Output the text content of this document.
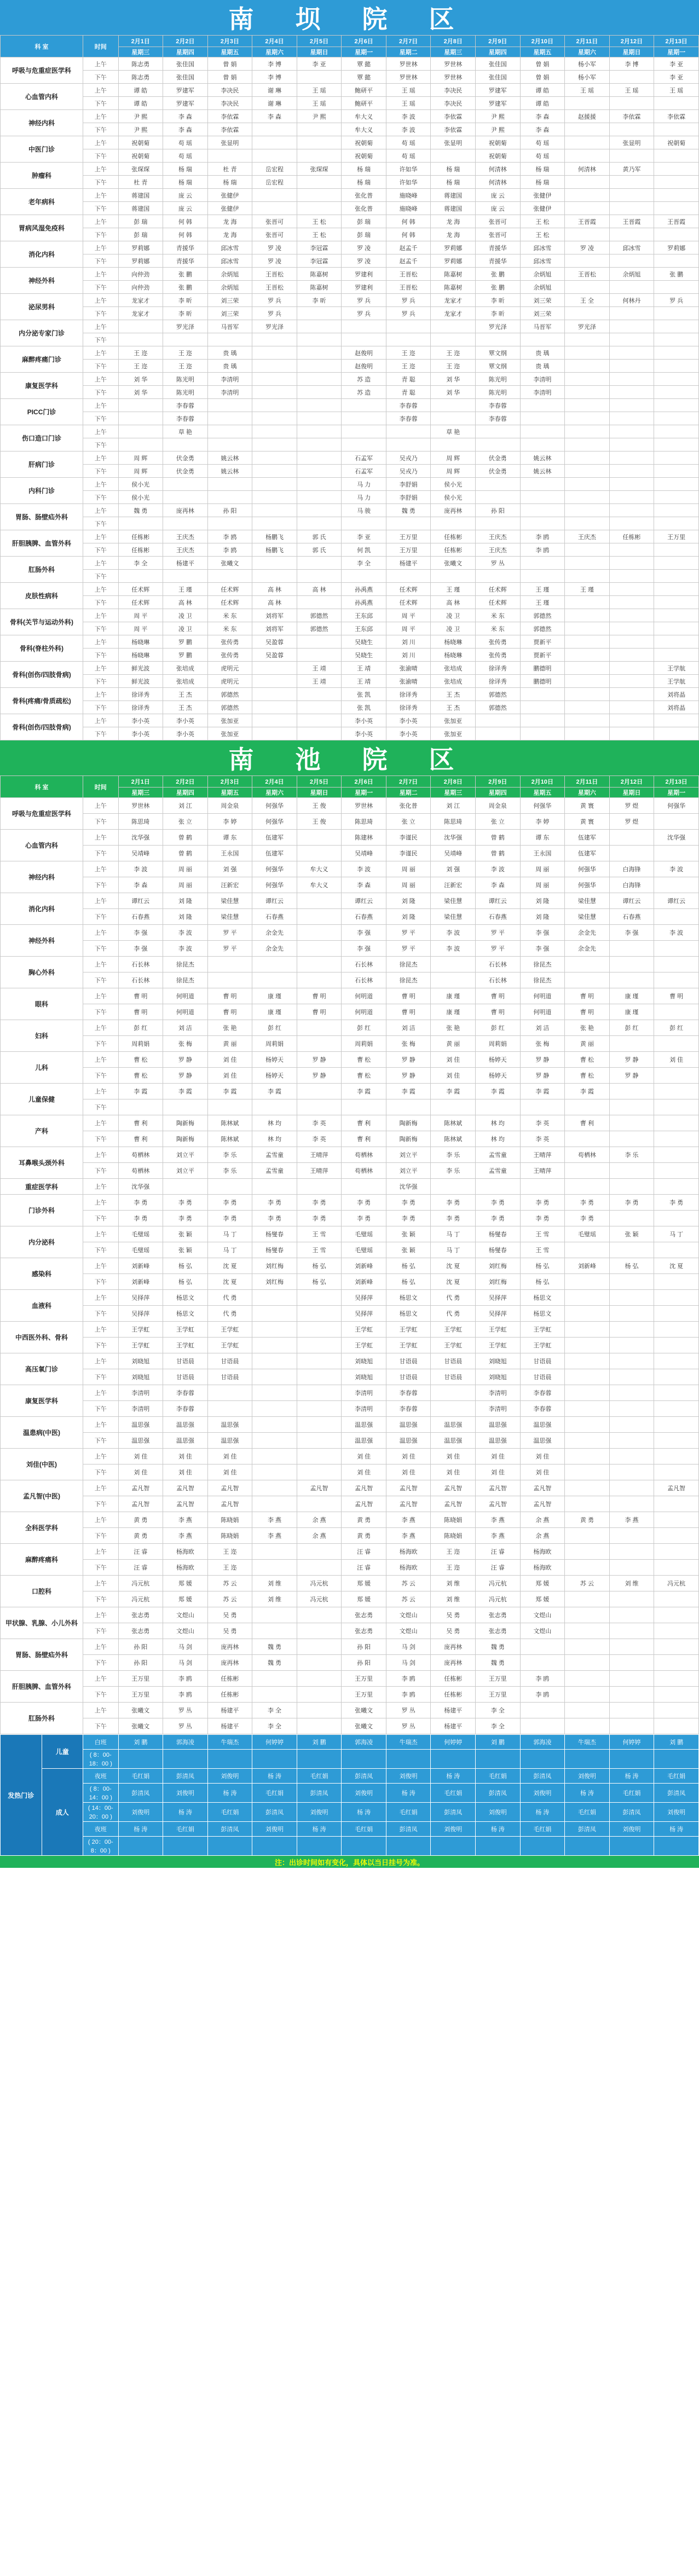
南 坝 院 区
科 室	时间	2月1日	2月2日	2月3日	2月4日	2月5日	2月6日	2月7日	2月8日	2月9日	2月10日	2月11日	2月12日	2月13日
		星期三	星期四	星期五	星期六	星期日	星期一	星期二	星期三	星期四	星期五	星期六	星期日	星期一
呼吸与危重症医学科	上午	陈志勇	张佳国	曾 娟	李 博	李 亚	覃 懿	罗世林	罗世林	张佳国	曾 娟	杨小军	李 博	李 亚
	下午	陈志勇	张佳国	曾 娟	李 博		覃 懿	罗世林	罗世林	张佳国	曾 娟	杨小军		李 亚
心血管内科	上午	谭 皓	罗建军	李决民	谢 琳	王 瑶	鲍研平	王 瑶	李决民	罗建军	谭 皓	王 瑶	王 瑶	王 瑶
	下午	谭 皓	罗建军	李决民	谢 琳	王 瑶	鲍研平	王 瑶	李决民	罗建军	谭 皓			
神经内科	上午	尹 熙	李 森	李依霖	李 森	尹 熙	牟大义	李 波	李依霖	尹 熙	李 森	赵援援	李依霖	李依霖
	下午	尹 熙	李 森	李依霖			牟大义	李 波	李依霖	尹 熙	李 森			
中医门诊	上午	祝朝菊	苟 瑶	张显明			祝朝菊	苟 瑶	张显明	祝朝菊	苟 瑶		张显明	祝朝菊
	下午	祝朝菊	苟 瑶				祝朝菊	苟 瑶		祝朝菊	苟 瑶			
肿瘤科	上午	张琛琛	杨 瑞	杜 青	岳宏程	张琛琛	杨 瑞	许如华	杨 瑞	何清林	杨 瑞	何清林	黄乃军	
	下午	杜 青	杨 瑞	杨 瑞	岳宏程		杨 瑞	许如华	杨 瑞	何清林	杨 瑞			
老年病科	上午	蒋建国	庞 云	张健伊			张化普	施晓峰	蒋建国	庞 云	张健伊			
	下午	蒋建国	庞 云	张健伊			张化普	施晓峰	蒋建国	庞 云	张健伊			
胃病风湿免疫科	上午	彭 瑞	何 韩	龙 海	张晋可	王 松	彭 瑞	何 韩	龙 海	张晋可	王 松	王晋霞	王晋霞	王晋霞
	下午	彭 瑞	何 韩	龙 海	张晋可	王 松	彭 瑞	何 韩	龙 海	张晋可	王 松			
消化内科	上午	罗莉娜	青援华	邱冰雪	罗 凌	李冠霖	罗 凌	赵孟千	罗莉娜	青援华	邱冰雪	罗 凌	邱冰雪	罗莉娜
	下午	罗莉娜	青援华	邱冰雪	罗 凌	李冠霖	罗 凌	赵孟千	罗莉娜	青援华	邱冰雪			
神经外科	上午	向仲劲	张 鹏	余炳旭	王晋松	陈嘉树	罗建利	王晋松	陈嘉树	张 鹏	余炳旭	王晋松	余炳旭	张 鹏
	下午	向仲劲	张 鹏	余炳旭	王晋松	陈嘉树	罗建利	王晋松	陈嘉树	张 鹏	余炳旭			
泌尿男科	上午	龙家才	李 昕	刘三荣	罗 兵	李 昕	罗 兵	罗 兵	龙家才	李 昕	刘三荣	王 全	何林丹	罗 兵
	下午	龙家才	李 昕	刘三荣	罗 兵		罗 兵	罗 兵	龙家才	李 昕	刘三荣			
内分泌专家门诊	上午		罗光泽	马晋军	罗光泽					罗光泽	马晋军	罗光泽		
	下午													
麻醉疼痛门诊	上午	王 迩	王 迩	贵 瑀			赵俊明	王 迩	王 迩	覃文纲	贵 瑀			
	下午	王 迩	王 迩	贵 瑀			赵俊明	王 迩	王 迩	覃文纲	贵 瑀			
康复医学科	上午	刘 华	陈光明	李清明			苏 造	青 聪	刘 华	陈光明	李清明			
	下午	刘 华	陈光明	李清明			苏 造	青 聪	刘 华	陈光明	李清明			
PICC门诊	上午		李春蓉					李春蓉		李春蓉				
	下午		李春蓉					李春蓉		李春蓉				
伤口造口门诊	上午		草 艳						草 艳					
	下午													
肝病门诊	上午	周 辉	伏金勇	姚云林			石孟军	吴戎乃	周 辉	伏金勇	姚云林			
	下午	周 辉	伏金勇	姚云林			石孟军	吴戎乃	周 辉	伏金勇	姚云林			
内科门诊	上午	侯小光					马 力	李舒娟	侯小光					
	下午	侯小光					马 力	李舒娟	侯小光					
胃肠、肠壁疝外科	上午	魏 勇	庞再林	孙 阳			马 骏	魏 勇	庞再林	孙 阳				
	下午													
肝胆胰脾、血管外科	上午	任栋彬	王庆杰	李 鸥	杨鹏飞	郭 氏	李 亚	王万里	任栋彬	王庆杰	李 鸥	王庆杰	任栋彬	王万里
	下午	任栋彬	王庆杰	李 鸥	杨鹏飞	郭 氏	何 凯	王万里	任栋彬	王庆杰	李 鸥			
肛肠外科	上午	李 全	杨建平	张曦文			李 全	杨建平	张曦文	罗 丛				
	下午													
皮肤性病科	上午	任术辉	王 瑾	任术辉	高 林	高 林	孙禹燕	任术辉	王 瑾	任术辉	王 瑾	王 瑾		
	下午	任术辉	高 林	任术辉	高 林		孙禹燕	任术辉	高 林	任术辉	王 瑾			
骨科(关节与运动外科)	上午	周 平	凌 卫	米 东	刘将军	郭德然	王东邱	周 平	凌 卫	米 东	郭德然			
	下午	周 平	凌 卫	米 东	刘将军	郭德然	王东邱	周 平	凌 卫	米 东	郭德然			
骨科(脊柱外科)	上午	杨晓琳	罗 鹏	张传勇	吴盈蓉		吴晓生	刘 川	杨晓琳	张传勇	贾新平			
	下午	杨晓琳	罗 鹏	张传勇	吴盈蓉		吴晓生	刘 川	杨晓琳	张传勇	贾新平			
骨科(创伤/四肢骨病)	上午	鲜光波	张培成	虎明元		王 靖	王 靖	张渝晴	张培成	徐译秀	鹏德明			王学航
	下午	鲜光波	张培成	虎明元		王 靖	王 靖	张渝晴	张培成	徐译秀	鹏德明			王学航
骨科(疼痛/骨质疏松)	上午	徐译秀	王 杰	郭德然			张 凯	徐译秀	王 杰	郭德然				刘将晶
	下午	徐译秀	王 杰	郭德然			张 凯	徐译秀	王 杰	郭德然				刘将晶
骨科(创伤/四肢骨病)	上午	李小英	李小英	张加亚			李小英	李小英	张加亚					
	下午	李小英	李小英	张加亚			李小英	李小英	张加亚					
南 池 院 区
科 室	时间	2月1日	2月2日	2月3日	2月4日	2月5日	2月6日	2月7日	2月8日	2月9日	2月10日	2月11日	2月12日	2月13日
		星期三	星期四	星期五	星期六	星期日	星期一	星期二	星期三	星期四	星期五	星期六	星期日	星期一
呼吸与危重症医学科	上午	罗世林	刘 江	周金泉	何强华	王 俊	罗世林	张化普	刘 江	周金泉	何强华	黄 寰	罗 煜	何强华
	下午	陈思琦	张 立	李 婷	何强华	王 俊	陈思琦	张 立	陈思琦	张 立	李 婷	黄 寰	罗 煜	
心血管内科	上午	沈华强	曾 鹤	谭 东	伍建军		陈建林	李谨民	沈华强	曾 鹤	谭 东	伍建军		沈华强
	下午	吴靖峰	曾 鹤	王永国	伍建军		吴靖峰	李谨民	吴靖峰	曾 鹤	王永国	伍建军		
神经内科	上午	李 波	周 丽	刘 强	何强华	牟大义	李 波	周 丽	刘 强	李 波	周 丽	何强华	白海锋	李 波
	下午	李 森	周 丽	汪新宏	何强华	牟大义	李 森	周 丽	汪新宏	李 森	周 丽	何强华	白海锋	
消化内科	上午	谭红云	刘 隆	梁佳慧	谭红云		谭红云	刘 隆	梁佳慧	谭红云	刘 隆	梁佳慧	谭红云	谭红云
	下午	石春燕	刘 隆	梁佳慧	石春燕		石春燕	刘 隆	梁佳慧	石春燕	刘 隆	梁佳慧	石春燕	
神经外科	上午	李 强	李 波	罗 平	余金先		李 强	罗 平	李 波	罗 平	李 强	余金先	李 强	李 波
	下午	李 强	李 波	罗 平	余金先		李 强	罗 平	李 波	罗 平	李 强	余金先		
胸心外科	上午	石长林	徐昆杰				石长林	徐昆杰		石长林	徐昆杰			
	下午	石长林	徐昆杰				石长林	徐昆杰		石长林	徐昆杰			
眼科	上午	曹 明	何明道	曹 明	康 瑾	曹 明	何明道	曹 明	康 瑾	曹 明	何明道	曹 明	康 瑾	曹 明
	下午	曹 明	何明道	曹 明	康 瑾	曹 明	何明道	曹 明	康 瑾	曹 明	何明道	曹 明	康 瑾	
妇科	上午	彭 红	刘 洁	张 艳	彭 红		彭 红	刘 洁	张 艳	彭 红	刘 洁	张 艳	彭 红	彭 红
	下午	周莉娟	张 梅	黄 丽	周莉娟		周莉娟	张 梅	黄 丽	周莉娟	张 梅	黄 丽		
儿科	上午	曹 松	罗 静	刘 佳	杨婷天	罗 静	曹 松	罗 静	刘 佳	杨婷天	罗 静	曹 松	罗 静	刘 佳
	下午	曹 松	罗 静	刘 佳	杨婷天	罗 静	曹 松	罗 静	刘 佳	杨婷天	罗 静	曹 松	罗 静	
儿童保健	上午	李 霞	李 霞	李 霞	李 霞		李 霞	李 霞	李 霞	李 霞	李 霞	李 霞		
	下午													
产科	上午	曹 利	陶新梅	陈林斌	林 均	李 英	曹 利	陶新梅	陈林斌	林 均	李 英	曹 利		
	下午	曹 利	陶新梅	陈林斌	林 均	李 英	曹 利	陶新梅	陈林斌	林 均	李 英			
耳鼻喉头颈外科	上午	苟栖林	刘立平	李 乐	孟雪童	王晴萍	苟栖林	刘立平	李 乐	孟雪童	王晴萍	苟栖林	李 乐	
	下午	苟栖林	刘立平	李 乐	孟雪童	王晴萍	苟栖林	刘立平	李 乐	孟雪童	王晴萍			
重症医学科	上午	沈华强						沈华强						
门诊外科	上午	李 勇	李 勇	李 勇	李 勇	李 勇	李 勇	李 勇	李 勇	李 勇	李 勇	李 勇	李 勇	李 勇
	下午	李 勇	李 勇	李 勇	李 勇	李 勇	李 勇	李 勇	李 勇	李 勇	李 勇	李 勇		
内分泌科	上午	毛璧瑶	张 颖	马 丁	杨燮春	王 雪	毛璧瑶	张 颖	马 丁	杨燮春	王 雪	毛璧瑶	张 颖	马 丁
	下午	毛璧瑶	张 颖	马 丁	杨燮春	王 雪	毛璧瑶	张 颖	马 丁	杨燮春	王 雪			
感染科	上午	刘新峰	杨 弘	沈 夏	刘红梅	杨 弘	刘新峰	杨 弘	沈 夏	刘红梅	杨 弘	刘新峰	杨 弘	沈 夏
	下午	刘新峰	杨 弘	沈 夏	刘红梅	杨 弘	刘新峰	杨 弘	沈 夏	刘红梅	杨 弘			
血液科	上午	吴择萍	杨思文	代 勇			吴择萍	杨思文	代 勇	吴择萍	杨思文			
	下午	吴择萍	杨思文	代 勇			吴择萍	杨思文	代 勇	吴择萍	杨思文			
中西医外科、骨科	上午	王学虹	王学虹	王学虹			王学虹	王学虹	王学虹	王学虹	王学虹			
	下午	王学虹	王学虹	王学虹			王学虹	王学虹	王学虹	王学虹	王学虹			
高压氧门诊	上午	刘晓旭	甘语晨	甘语晨			刘晓旭	甘语晨	甘语晨	刘晓旭	甘语晨			
	下午	刘晓旭	甘语晨	甘语晨			刘晓旭	甘语晨	甘语晨	刘晓旭	甘语晨			
康复医学科	上午	李清明	李春蓉				李清明	李春蓉		李清明	李春蓉			
	下午	李清明	李春蓉				李清明	李春蓉		李清明	李春蓉			
温患病(中医)	上午	温思强	温思强	温思强			温思强	温思强	温思强	温思强	温思强			
	下午	温思强	温思强	温思强			温思强	温思强	温思强	温思强	温思强			
刘佳(中医)	上午	刘 佳	刘 佳	刘 佳			刘 佳	刘 佳	刘 佳	刘 佳	刘 佳			
	下午	刘 佳	刘 佳	刘 佳			刘 佳	刘 佳	刘 佳	刘 佳	刘 佳			
孟凡智(中医)	上午	孟凡智	孟凡智	孟凡智		孟凡智	孟凡智	孟凡智	孟凡智	孟凡智	孟凡智			孟凡智
	下午	孟凡智	孟凡智	孟凡智			孟凡智	孟凡智	孟凡智	孟凡智	孟凡智			
全科医学科	上午	黄 勇	李 燕	陈晓娟	李 燕	余 燕	黄 勇	李 燕	陈晓娟	李 燕	余 燕	黄 勇	李 燕	
	下午	黄 勇	李 燕	陈晓娟	李 燕	余 燕	黄 勇	李 燕	陈晓娟	李 燕	余 燕			
麻醉疼痛科	上午	汪 睿	杨海欧	王 迩			汪 睿	杨海欧	王 迩	汪 睿	杨海欧			
	下午	汪 睿	杨海欧	王 迩			汪 睿	杨海欧	王 迩	汪 睿	杨海欧			
口腔科	上午	冯元杭	郑 媛	苏 云	刘 维	冯元杭	郑 媛	苏 云	刘 维	冯元杭	郑 媛	苏 云	刘 维	冯元杭
	下午	冯元杭	郑 媛	苏 云	刘 维	冯元杭	郑 媛	苏 云	刘 维	冯元杭	郑 媛			
甲状腺、乳腺、小儿外科	上午	张志勇	文煜山	吴 勇			张志勇	文煜山	吴 勇	张志勇	文煜山			
	下午	张志勇	文煜山	吴 勇			张志勇	文煜山	吴 勇	张志勇	文煜山			
胃肠、肠壁疝外科	上午	孙 阳	马 剑	庞再林	魏 勇		孙 阳	马 剑	庞再林	魏 勇				
	下午	孙 阳	马 剑	庞再林	魏 勇		孙 阳	马 剑	庞再林	魏 勇				
肝胆胰脾、血管外科	上午	王万里	李 鸥	任栋彬			王万里	李 鸥	任栋彬	王万里	李 鸥			
	下午	王万里	李 鸥	任栋彬			王万里	李 鸥	任栋彬	王万里	李 鸥			
肛肠外科	上午	张曦文	罗 丛	杨建平	李 全		张曦文	罗 丛	杨建平	李 全				
	下午	张曦文	罗 丛	杨建平	李 全		张曦文	罗 丛	杨建平	李 全				
发热门诊	儿童	白班	刘 鹏	郭海凌	牛瑞杰	何婷婷	刘 鹏	郭海凌	牛瑞杰	何婷婷	刘 鹏	郭海凌	牛瑞杰	何婷婷	刘 鹏
		( 8：00-18：00 )													
	成人	夜班	毛红娟	彭清凤	刘俊明	杨 涛	毛红娟	彭清凤	刘俊明	杨 涛	毛红娟	彭清凤	刘俊明	杨 涛	毛红娟
		( 8：00-14：00 )	彭清凤	刘俊明	杨 涛	毛红娟	彭清凤	刘俊明	杨 涛	毛红娟	彭清凤	刘俊明	杨 涛	毛红娟	彭清凤
		( 14：00-20：00 )	刘俊明	杨 涛	毛红娟	彭清凤	刘俊明	杨 涛	毛红娟	彭清凤	刘俊明	杨 涛	毛红娟	彭清凤	刘俊明
		夜班	杨 涛	毛红娟	彭清凤	刘俊明	杨 涛	毛红娟	彭清凤	刘俊明	杨 涛	毛红娟	彭清凤	刘俊明	杨 涛
		( 20：00-8：00 )													
注：出诊时间如有变化，具体以当日挂号为准。
